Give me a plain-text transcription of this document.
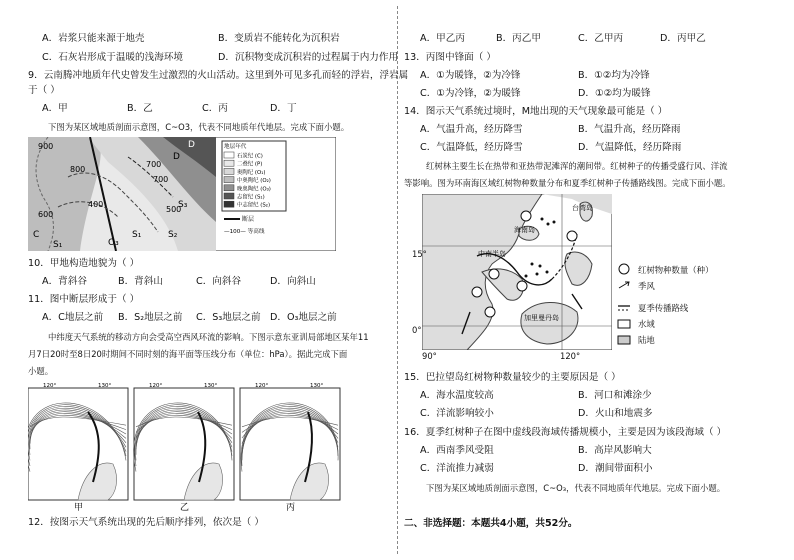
A．岩浆只能来源于地壳	B．变质岩不能转化为沉积岩
C．石灰岩形成于温暖的浅海环境	D．沉积物变成沉积岩的过程属于内力作用
9．云南腾冲地质年代史曾发生过激烈的火山活动。这里到外可见多孔而轻的浮岩，浮岩属
于（ ）
A．甲	B．乙	C．丙	D．丁
下图为某区域地质剖面示意图，C~O3，代表不同地质年代地层。完成下面小题。
900
800
700
700
600
500
400
D
D
S₃
S₁
S₁	S₂
O₃
C
地层年代
石炭纪 (C)
二叠纪 (P)
奥陶纪 (O₁)
中奥陶纪 (O₂)
晚奥陶纪 (O₃)
志留纪 (S₁)
中志留纪 (S₂)
断层
—100— 等高线
10．甲地构造地貌为（ ）
A．背斜谷	B．背斜山	C．向斜谷	D．向斜山
11．图中断层形成于（ ）
A．C地层之前 B．S₂地层之前 C．S₃地层之前 D．O₃地层之前
中纬度天气系统的移动方向会受高空西风环流的影响。下图示意东亚训局部地区某年11
月7日20时至8日20时期间不同时刻的海平面等压线分布（单位：hPa）。据此完成下面
小题。
120°	130°
甲
120°	130°
乙
120°	130°
丙
12．按图示天气系统出现的先后顺序排列，依次是（ ）
A．甲乙丙	B．丙乙甲	C．乙甲丙	D．丙甲乙
13．丙图中锋面（ ）
A．①为暖锋，②为冷锋	B．①②均为冷锋
C．①为冷锋，②为暖锋	D．①②均为暖锋
14．图示天气系统过境时，M地出现的天气现象最可能是（ ）
A．气温升高，经历降雪	B．气温升高，经历降雨
C．气温降低，经历降雪	D．气温降低，经历降雨
红树林主要生长在热带和亚热带泥滩浑的潮间带。红树种子的传播受盛行风、洋流
等影响。图为环南海区域红树物种数量分布和夏季红树种子传播路线图。完成下面小题。
海南岛
台湾岛
中南半岛
加里曼丹岛
15°
0°
90°	120°
红树物种数量（种）
季风
夏季传播路线
水域
陆地
15．巴拉望岛红树物种数量较少的主要原因是（ ）
A．海水温度较高	B．河口和滩涂少
C．洋流影响较小	D．火山和地震多
16．夏季红树种子在图中虚线段海域传播规模小，主要是因为该段海域（ ）
A．西南季风受阻	B．高岸风影响大
C．洋流推力减弱	D．潮间带面积小
下图为某区域地质剖面示意图，C~O₃，代表不同地质年代地层。完成下面小题。
二、非选择题：本题共4小题，共52分。
